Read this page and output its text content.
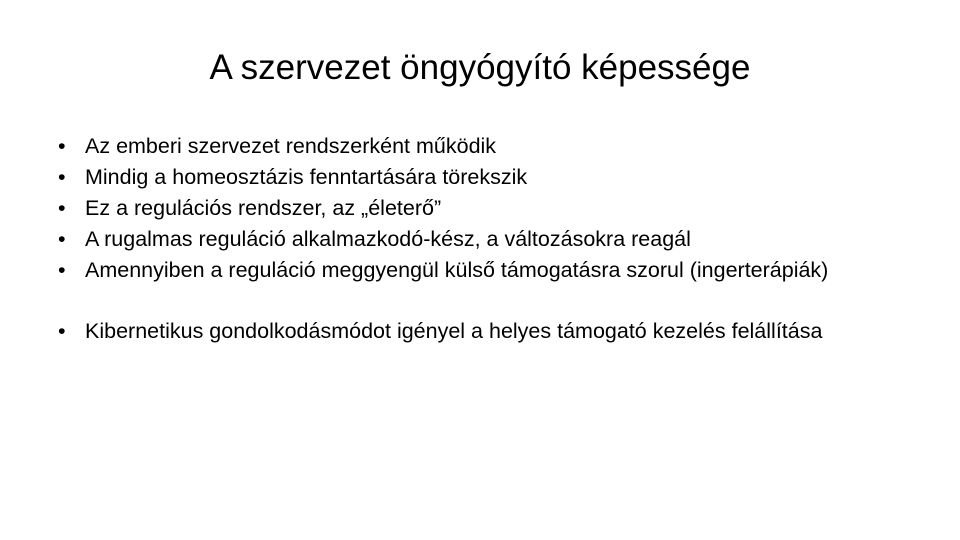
A szervezet öngyógyító képessége
• Az emberi szervezet rendszerként működik
• Mindig a homeosztázis fenntartására törekszik
• Ez a regulációs rendszer, az „életerő”
• A rugalmas reguláció alkalmazkodó-kész, a változásokra reagál
• Amennyiben a reguláció meggyengül külső támogatásra szorul (ingerterápiák)
• Kibernetikus gondolkodásmódot igényel a helyes támogató kezelés felállítása
